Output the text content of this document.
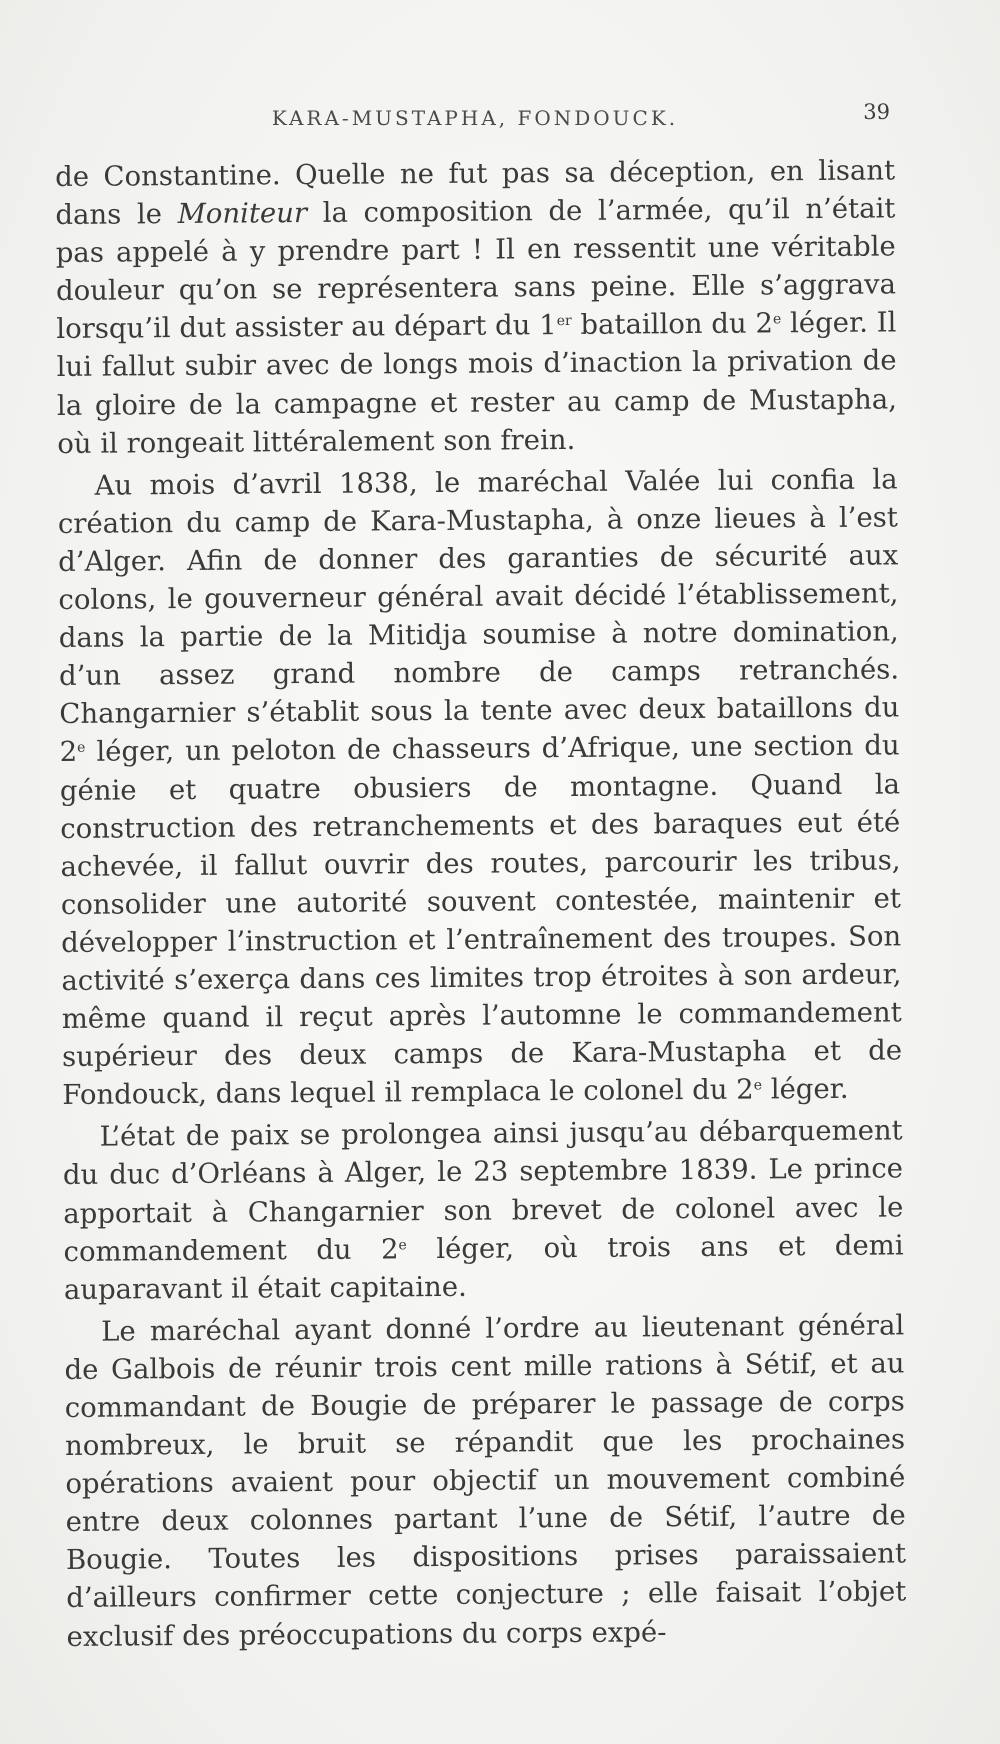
KARA-MUSTAPHA, FONDOUCK.	39

de Constantine. Quelle ne fut pas sa déception, en lisant dans le Moniteur la composition de l’armée, qu’il n’était pas appelé à y prendre part ! Il en ressentit une véritable douleur qu’on se représentera sans peine. Elle s’aggrava lorsqu’il dut assister au départ du 1er bataillon du 2e léger. Il lui fallut subir avec de longs mois d’inaction la privation de la gloire de la campagne et rester au camp de Mustapha, où il rongeait littéralement son frein.

Au mois d’avril 1838, le maréchal Valée lui confia la création du camp de Kara-Mustapha, à onze lieues à l’est d’Alger. Afin de donner des garanties de sécurité aux colons, le gouverneur général avait décidé l’établissement, dans la partie de la Mitidja soumise à notre domination, d’un assez grand nombre de camps retranchés. Changarnier s’établit sous la tente avec deux bataillons du 2e léger, un peloton de chasseurs d’Afrique, une section du génie et quatre obusiers de montagne. Quand la construction des retranchements et des baraques eut été achevée, il fallut ouvrir des routes, parcourir les tribus, consolider une autorité souvent contestée, maintenir et développer l’instruction et l’entraînement des troupes. Son activité s’exerça dans ces limites trop étroites à son ardeur, même quand il reçut après l’automne le commandement supérieur des deux camps de Kara-Mustapha et de Fondouck, dans lequel il remplaca le colonel du 2e léger.

L’état de paix se prolongea ainsi jusqu’au débarquement du duc d’Orléans à Alger, le 23 septembre 1839. Le prince apportait à Changarnier son brevet de colonel avec le commandement du 2e léger, où trois ans et demi auparavant il était capitaine.

Le maréchal ayant donné l’ordre au lieutenant général de Galbois de réunir trois cent mille rations à Sétif, et au commandant de Bougie de préparer le passage de corps nombreux, le bruit se répandit que les prochaines opérations avaient pour objectif un mouvement combiné entre deux colonnes partant l’une de Sétif, l’autre de Bougie. Toutes les dispositions prises paraissaient d’ailleurs confirmer cette conjecture ; elle faisait l’objet exclusif des préoccupations du corps expé-
